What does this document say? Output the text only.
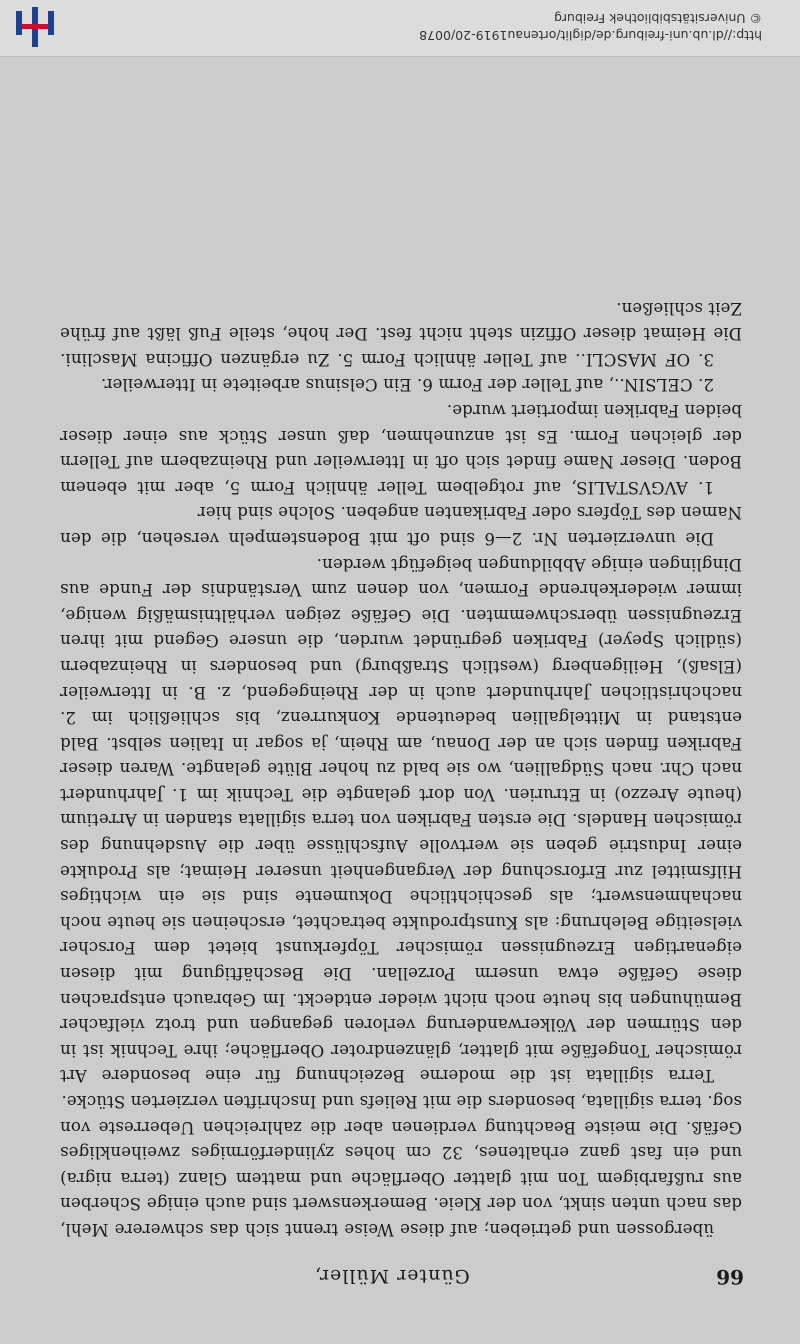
66
Günter Müller,

übergossen und getrieben; auf diese Weise trennt sich das schwerere Mehl, das nach unten sinkt, von der Kleie. Bemerkenswert sind auch einige Scherben aus rußfarbigem Ton mit glatter Oberfläche und mattem Glanz (terra nigra) und ein fast ganz erhaltenes, 32 cm hohes zylinderförmiges zweihenkliges Gefäß. Die meiste Beachtung verdienen aber die zahlreichen Ueberreste von sog. terra sigillata, besonders die mit Reliefs und Inschriften verzierten Stücke.

Terra sigillata ist die moderne Bezeichnung für eine besondere Art römischer Tongefäße mit glatter, glänzendroter Oberfläche; ihre Technik ist in den Stürmen der Völkerwanderung verloren gegangen und trotz vielfacher Bemühungen bis heute noch nicht wieder entdeckt. Im Gebrauch entsprachen diese Gefäße etwa unserm Porzellan. Die Beschäftigung mit diesen eigenartigen Erzeugnissen römischer Töpferkunst bietet dem Forscher vielseitige Belehrung: als Kunstprodukte betrachtet, erscheinen sie heute noch nachahmenswert; als geschichtliche Dokumente sind sie ein wichtiges Hilfsmittel zur Erforschung der Vergangenheit unserer Heimat; als Produkte einer Industrie geben sie wertvolle Aufschlüsse über die Ausdehnung des römischen Handels. Die ersten Fabriken von terra sigillata standen in Arretium (heute Arezzo) in Etrurien. Von dort gelangte die Technik im 1. Jahrhundert nach Chr. nach Südgallien, wo sie bald zu hoher Blüte gelangte. Waren dieser Fabriken finden sich an der Donau, am Rhein, ja sogar in Italien selbst. Bald entstand in Mittelgallien bedeutende Konkurrenz, bis schließlich im 2. nachchristlichen Jahrhundert auch in der Rheingegend, z. B. in Itterweiler (Elsaß), Heiligenberg (westlich Straßburg) und besonders in Rheinzabern (südlich Speyer) Fabriken gegründet wurden, die unsere Gegend mit ihren Erzeugnissen überschwemmten. Die Gefäße zeigen verhältnismäßig wenige, immer wiederkehrende Formen, von denen zum Verständnis der Funde aus Dinglingen einige Abbildungen beigefügt werden.

Die unverzierten Nr. 2—6 sind oft mit Bodenstempeln versehen, die den Namen des Töpfers oder Fabrikanten angeben. Solche sind hier

1. AVGVSTALIS, auf rotgelbem Teller ähnlich Form 5, aber mit ebenem Boden. Dieser Name findet sich oft in Itterweiler und Rheinzabern auf Tellern der gleichen Form. Es ist anzunehmen, daß unser Stück aus einer dieser beiden Fabriken importiert wurde.

2. CELSIN.., auf Teller der Form 6. Ein Celsinus arbeitete in Itterweiler.

3. OF MASCLI.. auf Teller ähnlich Form 5. Zu ergänzen Officina Masclini. Die Heimat dieser Offizin steht nicht fest. Der hohe, steile Fuß läßt auf frühe Zeit schließen.

http://dl.ub.uni-freiburg.de/diglit/ortenau1919-20/0078
© Universitätsbibliothek Freiburg
